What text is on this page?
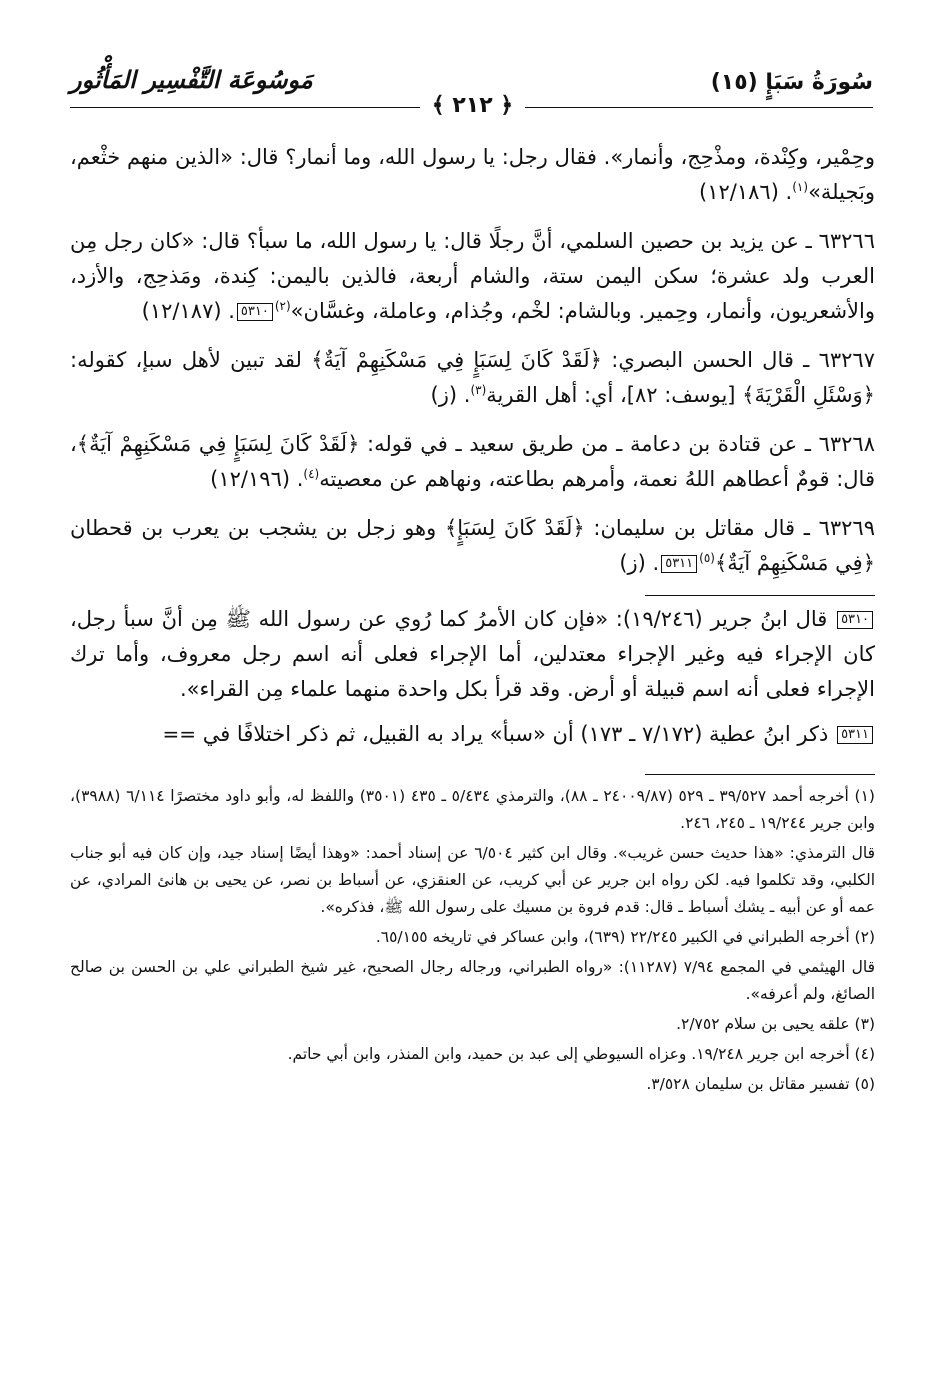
سُورَةُ سَبَإٍ (١٥)
مَوسُوعَة التَّفْسِير المَأْثُور
﴿ ٢١٢ ﴾

وحِمْير، وكِنْدة، ومذْحِج، وأنمار». فقال رجل: يا رسول الله، وما أنمار؟ قال: «الذين منهم خثْعم، وبَجيلة»$^{(١)}$. (١٢/١٨٦)

٦٣٢٦٦ ـ عن يزيد بن حصين السلمي، أنَّ رجلًا قال: يا رسول الله، ما سبأ؟ قال: «كان رجل مِن العرب ولد عشرة؛ سكن اليمن ستة، والشام أربعة، فالذين باليمن: كِندة، ومَذحِج، والأزد، والأشعريون، وأنمار، وحِمير. وبالشام: لخْم، وجُذام، وعاملة، وغسَّان»$^{(٢)}$٥٣١٠. (١٢/١٨٧)

٦٣٢٦٧ ـ قال الحسن البصري: ﴿لَقَدْ كَانَ لِسَبَإٍ فِي مَسْكَنِهِمْ آيَةٌ﴾ لقد تبين لأهل سبإ، كقوله: ﴿وَسْئَلِ الْقَرْيَةَ﴾ [يوسف: ٨٢]، أي: أهل القرية$^{(٣)}$. (ز)

٦٣٢٦٨ ـ عن قتادة بن دعامة ـ من طريق سعيد ـ في قوله: ﴿لَقَدْ كَانَ لِسَبَإٍ فِي مَسْكَنِهِمْ آيَةٌ﴾، قال: قومٌ أعطاهم اللهُ نعمة، وأمرهم بطاعته، ونهاهم عن معصيته$^{(٤)}$. (١٢/١٩٦)

٦٣٢٦٩ ـ قال مقاتل بن سليمان: ﴿لَقَدْ كَانَ لِسَبَإٍ﴾ وهو زجل بن يشجب بن يعرب بن قحطان ﴿فِي مَسْكَنِهِمْ آيَةٌ﴾$^{(٥)}$٥٣١١. (ز)

٥٣١٠ قال ابنُ جرير (١٩/٢٤٦): «فإن كان الأمرُ كما رُوي عن رسول الله ﷺ مِن أنَّ سبأ رجل، كان الإجراء فيه وغير الإجراء معتدلين، أما الإجراء فعلى أنه اسم رجل معروف، وأما ترك الإجراء فعلى أنه اسم قبيلة أو أرض. وقد قرأ بكل واحدة منهما علماء مِن القراء».

٥٣١١ ذكر ابنُ عطية (٧/١٧٢ ـ ١٧٣) أن «سبأ» يراد به القبيل، ثم ذكر اختلافًا في ==

(١) أخرجه أحمد ٣٩/٥٢٧ ـ ٥٢٩ (٢٤٠٠٩/٨٧ ـ ٨٨)، والترمذي ٥/٤٣٤ ـ ٤٣٥ (٣٥٠١) واللفظ له، وأبو داود مختصرًا ٦/١١٤ (٣٩٨٨)، وابن جرير ١٩/٢٤٤ ـ ٢٤٥، ٢٤٦.

قال الترمذي: «هذا حديث حسن غريب». وقال ابن كثير ٦/٥٠٤ عن إسناد أحمد: «وهذا أيضًا إسناد جيد، وإن كان فيه أبو جناب الكلبي، وقد تكلموا فيه. لكن رواه ابن جرير عن أبي كريب، عن العنقزي، عن أسباط بن نصر، عن يحيى بن هانئ المرادي، عن عمه أو عن أبيه ـ يشك أسباط ـ قال: قدم فروة بن مسيك على رسول الله ﷺ، فذكره».

(٢) أخرجه الطبراني في الكبير ٢٢/٢٤٥ (٦٣٩)، وابن عساكر في تاريخه ٦٥/١٥٥.

قال الهيثمي في المجمع ٧/٩٤ (١١٢٨٧): «رواه الطبراني، ورجاله رجال الصحيح، غير شيخ الطبراني علي بن الحسن بن صالح الصائغ، ولم أعرفه».

(٣) علقه يحيى بن سلام ٢/٧٥٢.

(٤) أخرجه ابن جرير ١٩/٢٤٨. وعزاه السيوطي إلى عبد بن حميد، وابن المنذر، وابن أبي حاتم.

(٥) تفسير مقاتل بن سليمان ٣/٥٢٨.
